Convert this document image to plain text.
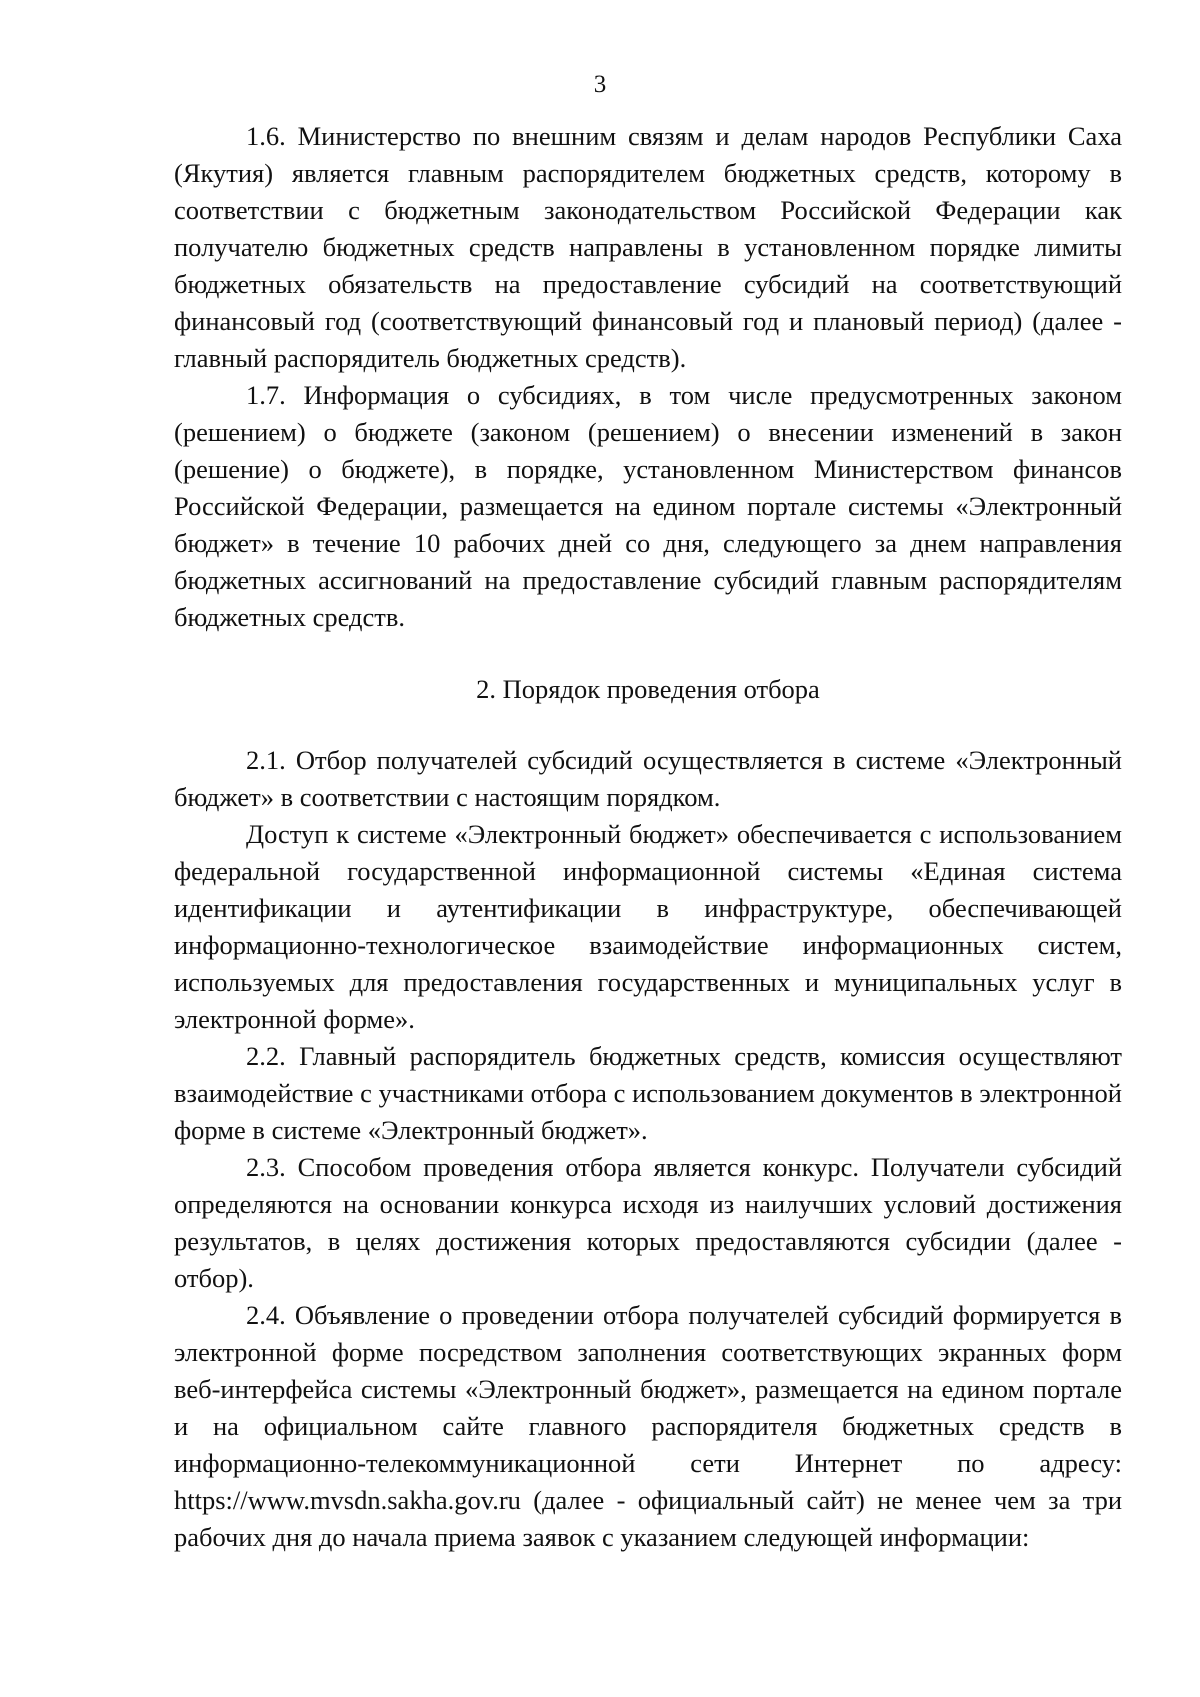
3

1.6. Министерство по внешним связям и делам народов Республики Саха (Якутия) является главным распорядителем бюджетных средств, которому в соответствии с бюджетным законодательством Российской Федерации как получателю бюджетных средств направлены в установленном порядке лимиты бюджетных обязательств на предоставление субсидий на соответствующий финансовый год (соответствующий финансовый год и плановый период) (далее - главный распорядитель бюджетных средств).

1.7. Информация о субсидиях, в том числе предусмотренных законом (решением) о бюджете (законом (решением) о внесении изменений в закон (решение) о бюджете), в порядке, установленном Министерством финансов Российской Федерации, размещается на едином портале системы «Электронный бюджет» в течение 10 рабочих дней со дня, следующего за днем направления бюджетных ассигнований на предоставление субсидий главным распорядителям бюджетных средств.

2. Порядок проведения отбора

2.1. Отбор получателей субсидий осуществляется в системе «Электронный бюджет» в соответствии с настоящим порядком.

Доступ к системе «Электронный бюджет» обеспечивается с использованием федеральной государственной информационной системы «Единая система идентификации и аутентификации в инфраструктуре, обеспечивающей информационно-технологическое взаимодействие информационных систем, используемых для предоставления государственных и муниципальных услуг в электронной форме».

2.2. Главный распорядитель бюджетных средств, комиссия осуществляют взаимодействие с участниками отбора с использованием документов в электронной форме в системе «Электронный бюджет».

2.3. Способом проведения отбора является конкурс. Получатели субсидий определяются на основании конкурса исходя из наилучших условий достижения результатов, в целях достижения которых предоставляются субсидии (далее - отбор).

2.4. Объявление о проведении отбора получателей субсидий формируется в электронной форме посредством заполнения соответствующих экранных форм веб-интерфейса системы «Электронный бюджет», размещается на едином портале и на официальном сайте главного распорядителя бюджетных средств в информационно-телекоммуникационной сети Интернет по адресу: https://www.mvsdn.sakha.gov.ru (далее - официальный сайт) не менее чем за три рабочих дня до начала приема заявок с указанием следующей информации:
